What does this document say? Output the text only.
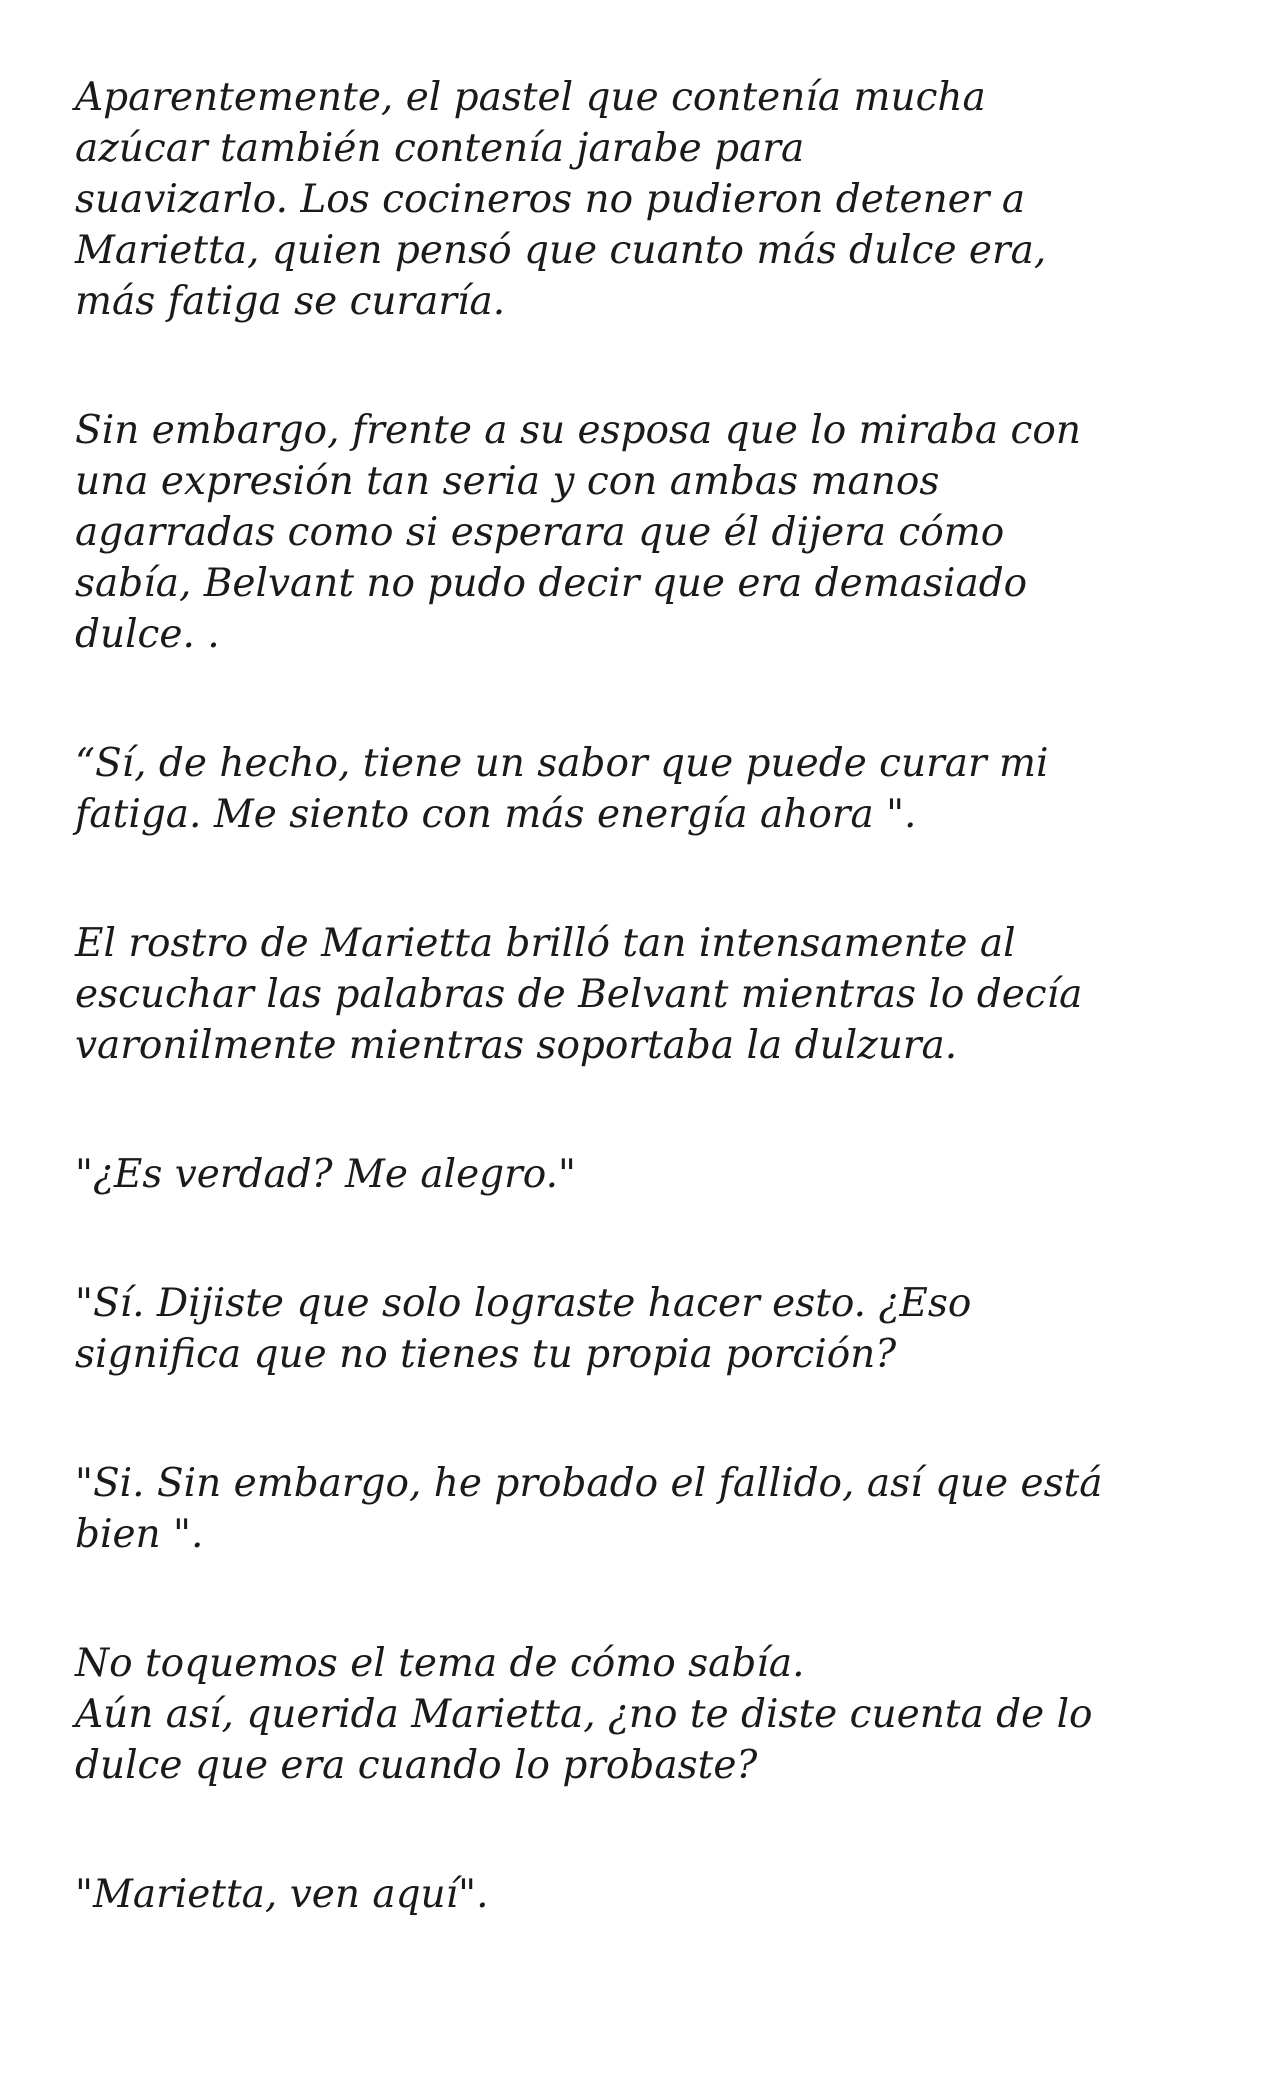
Aparentemente, el pastel que contenía mucha
azúcar también contenía jarabe para
suavizarlo. Los cocineros no pudieron detener a
Marietta, quien pensó que cuanto más dulce era,
más fatiga se curaría.

Sin embargo, frente a su esposa que lo miraba con
una expresión tan seria y con ambas manos
agarradas como si esperara que él dijera cómo
sabía, Belvant no pudo decir que era demasiado
dulce. .

“Sí, de hecho, tiene un sabor que puede curar mi
fatiga. Me siento con más energía ahora ".

El rostro de Marietta brilló tan intensamente al
escuchar las palabras de Belvant mientras lo decía
varonilmente mientras soportaba la dulzura.

"¿Es verdad? Me alegro."

"Sí. Dijiste que solo lograste hacer esto. ¿Eso
significa que no tienes tu propia porción?

"Si. Sin embargo, he probado el fallido, así que está
bien ".

No toquemos el tema de cómo sabía.
Aún así, querida Marietta, ¿no te diste cuenta de lo
dulce que era cuando lo probaste?

"Marietta, ven aquí".
